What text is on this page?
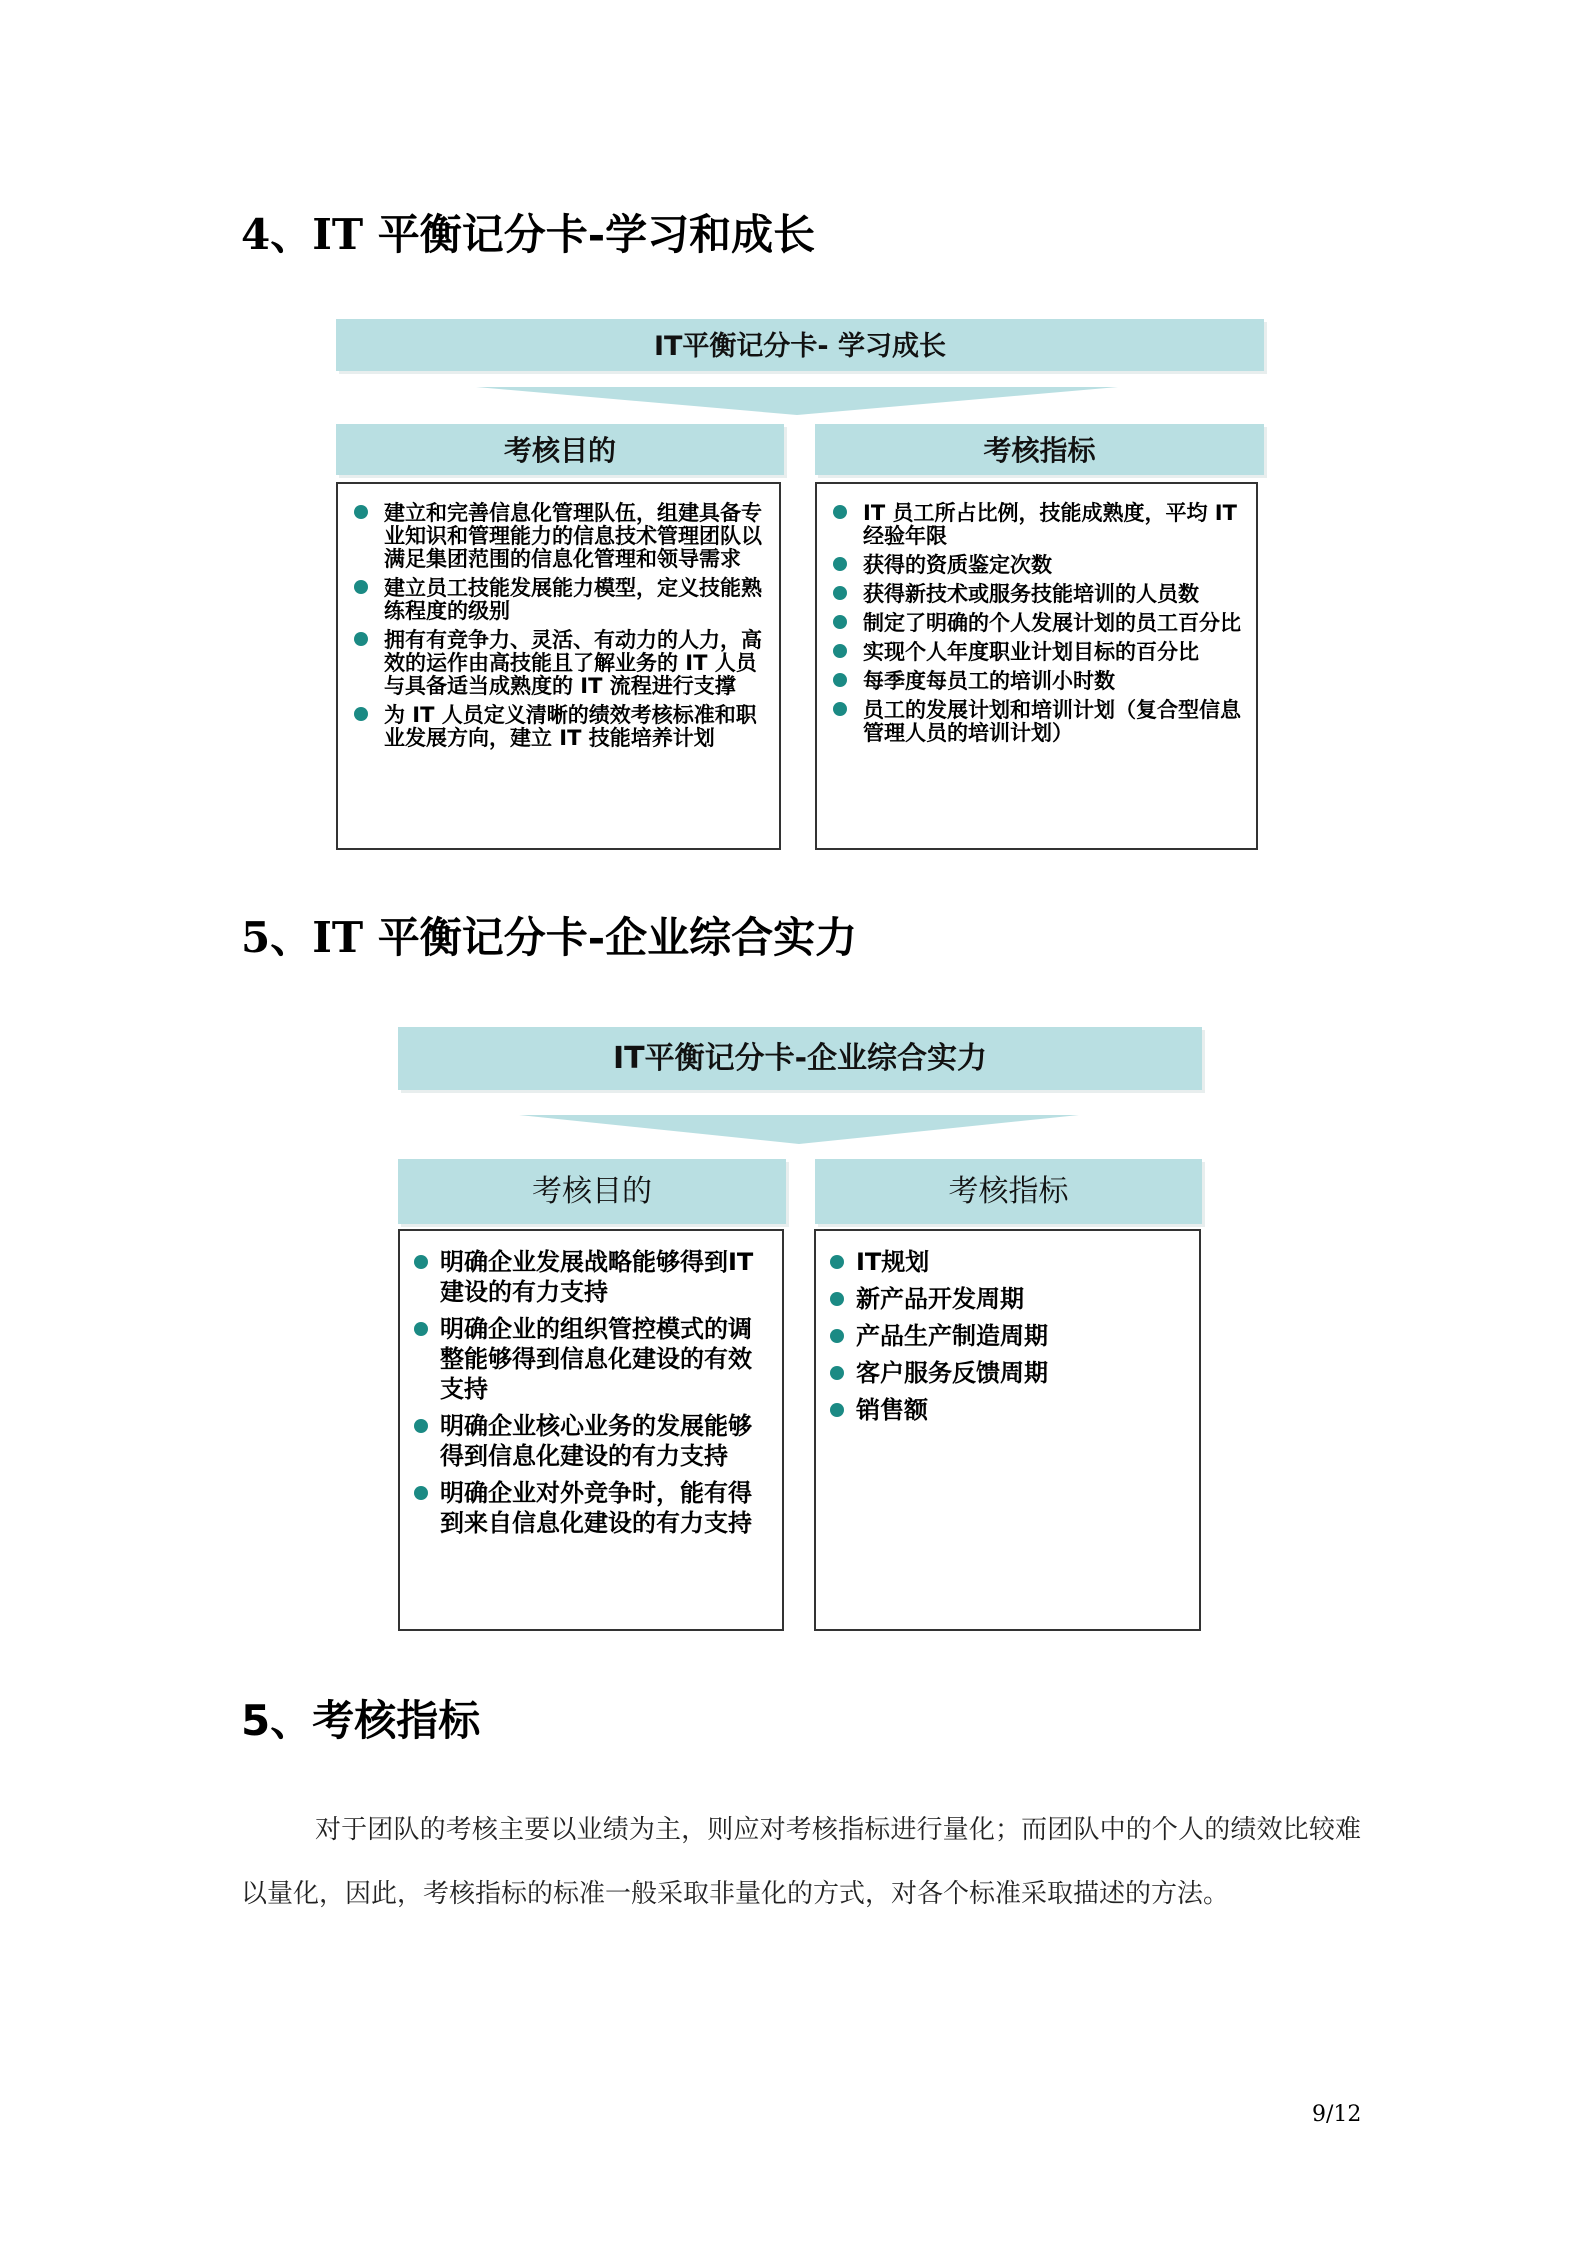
4、IT 平衡记分卡-学习和成长
IT平衡记分卡- 学习成长
考核目的	考核指标
建立和完善信息化管理队伍，组建具备专业知识和管理能力的信息技术管理团队以满足集团范围的信息化管理和领导需求
建立员工技能发展能力模型，定义技能熟练程度的级别
拥有有竞争力、灵活、有动力的人力，高效的运作由高技能且了解业务的 IT 人员与具备适当成熟度的 IT 流程进行支撑
为 IT 人员定义清晰的绩效考核标准和职业发展方向，建立 IT 技能培养计划
IT 员工所占比例，技能成熟度，平均 IT 经验年限
获得的资质鉴定次数
获得新技术或服务技能培训的人员数
制定了明确的个人发展计划的员工百分比
实现个人年度职业计划目标的百分比
每季度每员工的培训小时数
员工的发展计划和培训计划（复合型信息管理人员的培训计划）
5、IT 平衡记分卡-企业综合实力
IT平衡记分卡-企业综合实力
考核目的	考核指标
明确企业发展战略能够得到IT建设的有力支持
明确企业的组织管控模式的调整能够得到信息化建设的有效支持
明确企业核心业务的发展能够得到信息化建设的有力支持
明确企业对外竞争时，能有得到来自信息化建设的有力支持
IT规划
新产品开发周期
产品生产制造周期
客户服务反馈周期
销售额
5、考核指标

对于团队的考核主要以业绩为主，则应对考核指标进行量化；而团队中的个人的绩效比较难以量化，因此，考核指标的标准一般采取非量化的方式，对各个标准采取描述的方法。

9/12
